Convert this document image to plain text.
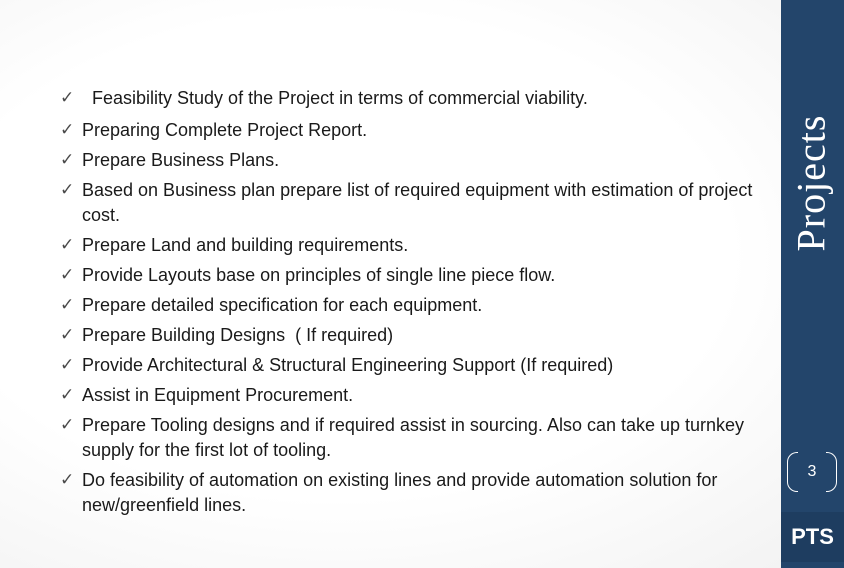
✓ Feasibility Study of the Project in terms of commercial viability.
✓ Preparing Complete Project Report.
✓ Prepare Business Plans.
✓ Based on Business plan prepare list of required equipment with estimation of project cost.
✓ Prepare Land and building requirements.
✓ Provide Layouts base on principles of single line piece flow.
✓ Prepare detailed specification for each equipment.
✓ Prepare Building Designs  ( If required)
✓ Provide Architectural & Structural Engineering Support (If required)
✓ Assist in Equipment Procurement.
✓ Prepare Tooling designs and if required assist in sourcing. Also can take up turnkey supply for the first lot of tooling.
✓ Do feasibility of automation on existing lines and provide automation solution for new/greenfield lines.
Projects
3
PTS
